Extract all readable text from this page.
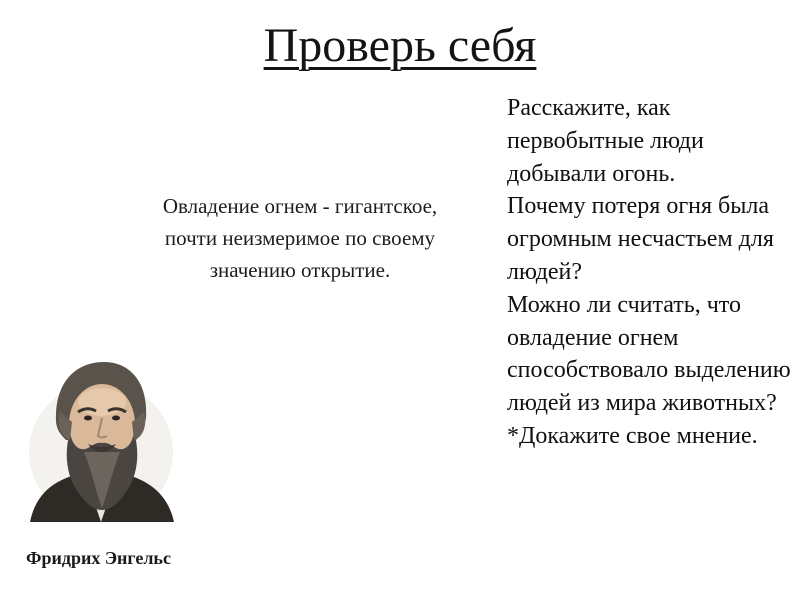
Проверь себя
Овладение огнем - гигантское, почти неизмеримое по своему значению открытие.
Расскажите, как первобытные люди добывали огонь.
Почему потеря огня была огромным несчастьем для людей?
Можно ли считать, что овладение огнем способствовало выделению людей из мира животных?
*Докажите свое мнение.
Фридрих Энгельс
